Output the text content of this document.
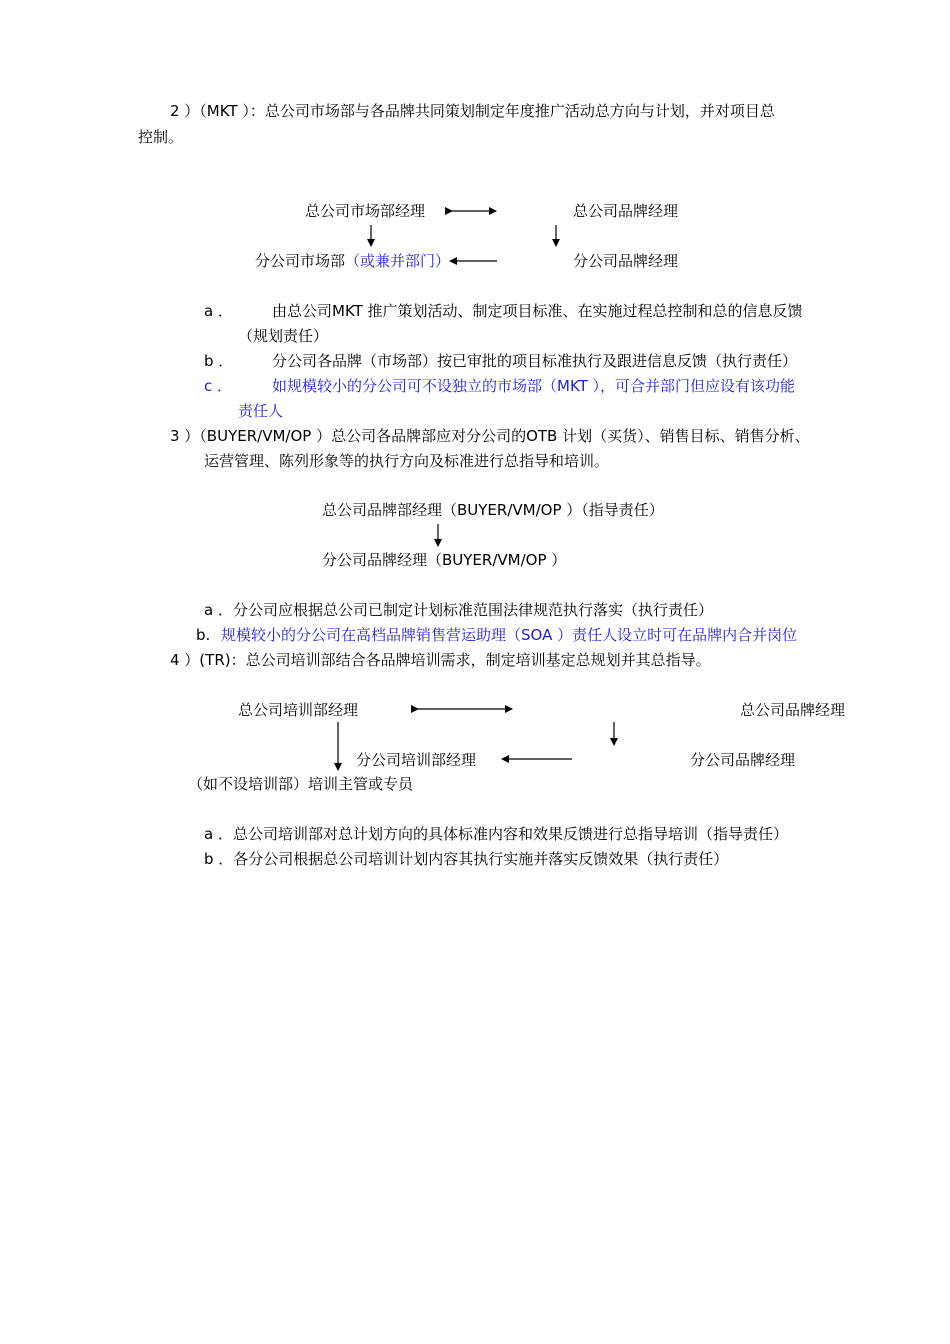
2 ）（MKT ）：总公司市场部与各品牌共同策划制定年度推广活动总方向与计划，并对项目总
控制。
总公司市场部经理	总公司品牌经理
分公司市场部（或兼并部门）	分公司品牌经理
a ．	由总公司MKT 推广策划活动、制定项目标准、在实施过程总控制和总的信息反馈
（规划责任）
b ．	分公司各品牌（市场部）按已审批的项目标准执行及跟进信息反馈（执行责任）
c ．	如规模较小的分公司可不设独立的市场部（MKT ），可合并部门但应设有该功能
责任人
3 ）（BUYER/VM/OP ）总公司各品牌部应对分公司的OTB 计划（买货）、销售目标、销售分析、
运营管理、陈列形象等的执行方向及标准进行总指导和培训。
总公司品牌部经理（BUYER/VM/OP ）（指导责任）
分公司品牌经理（BUYER/VM/OP ）
a ．分公司应根据总公司已制定计划标准范围法律规范执行落实（执行责任）
b. 规模较小的分公司在高档品牌销售营运助理（SOA ）责任人设立时可在品牌内合并岗位
4 ）(TR)：总公司培训部结合各品牌培训需求，制定培训基定总规划并其总指导。
总公司培训部经理	总公司品牌经理
分公司培训部经理	分公司品牌经理
（如不设培训部）培训主管或专员
a ．总公司培训部对总计划方向的具体标准内容和效果反馈进行总指导培训（指导责任）
b ．各分公司根据总公司培训计划内容其执行实施并落实反馈效果（执行责任）
